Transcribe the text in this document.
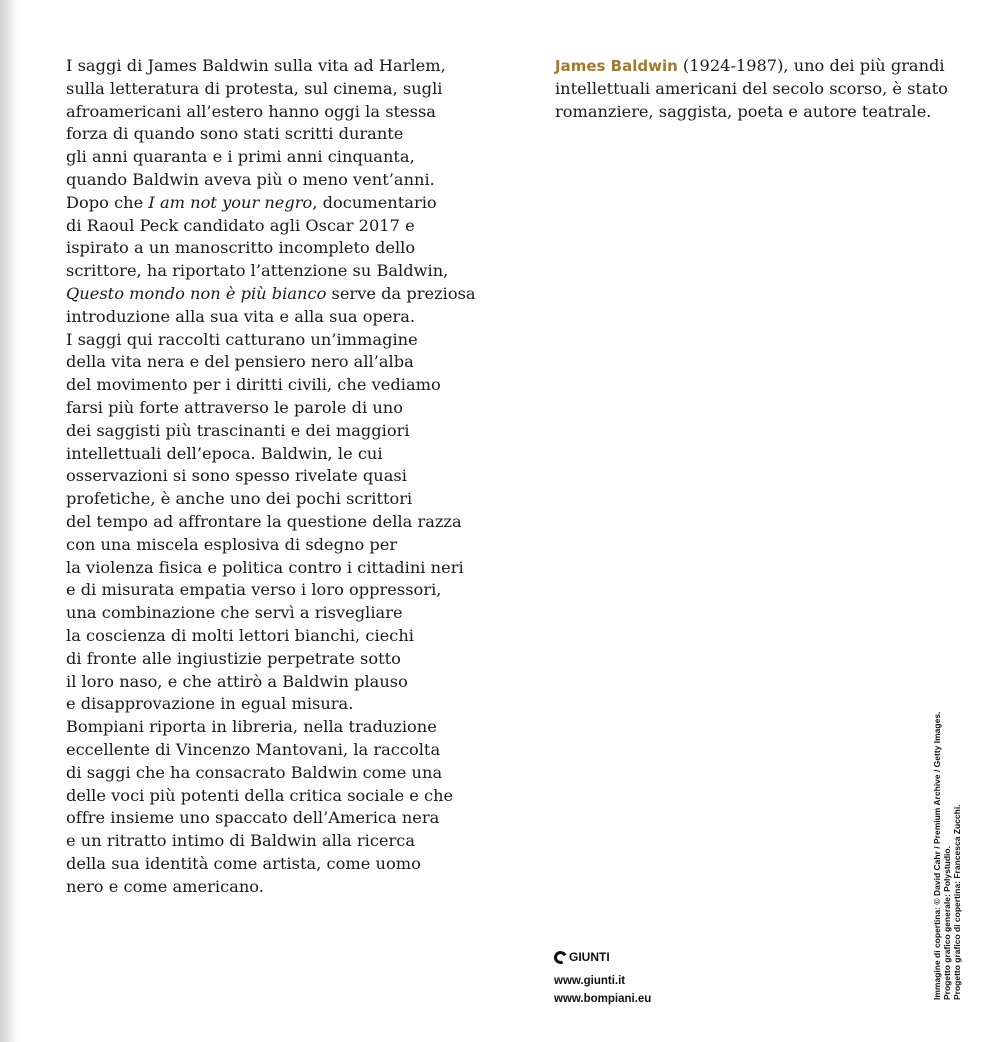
I saggi di James Baldwin sulla vita ad Harlem,
sulla letteratura di protesta, sul cinema, sugli
afroamericani all’estero hanno oggi la stessa
forza di quando sono stati scritti durante
gli anni quaranta e i primi anni cinquanta,
quando Baldwin aveva più o meno vent’anni.
Dopo che I am not your negro, documentario
di Raoul Peck candidato agli Oscar 2017 e
ispirato a un manoscritto incompleto dello
scrittore, ha riportato l’attenzione su Baldwin,
Questo mondo non è più bianco serve da preziosa
introduzione alla sua vita e alla sua opera.
I saggi qui raccolti catturano un’immagine
della vita nera e del pensiero nero all’alba
del movimento per i diritti civili, che vediamo
farsi più forte attraverso le parole di uno
dei saggisti più trascinanti e dei maggiori
intellettuali dell’epoca. Baldwin, le cui
osservazioni si sono spesso rivelate quasi
profetiche, è anche uno dei pochi scrittori
del tempo ad affrontare la questione della razza
con una miscela esplosiva di sdegno per
la violenza fisica e politica contro i cittadini neri
e di misurata empatia verso i loro oppressori,
una combinazione che servì a risvegliare
la coscienza di molti lettori bianchi, ciechi
di fronte alle ingiustizie perpetrate sotto
il loro naso, e che attirò a Baldwin plauso
e disapprovazione in egual misura.
Bompiani riporta in libreria, nella traduzione
eccellente di Vincenzo Mantovani, la raccolta
di saggi che ha consacrato Baldwin come una
delle voci più potenti della critica sociale e che
offre insieme uno spaccato dell’America nera
e un ritratto intimo di Baldwin alla ricerca
della sua identità come artista, come uomo
nero e come americano.
James Baldwin (1924-1987), uno dei più grandi
intellettuali americani del secolo scorso, è stato
romanziere, saggista, poeta e autore teatrale.
GIUNTI
www.giunti.it
www.bompiani.eu	Immagine di copertina: © David Cahr / Premium Archive / Getty Images. Progetto grafico generale: Polystudio. Progetto grafico di copertina: Francesca Zucchi.
